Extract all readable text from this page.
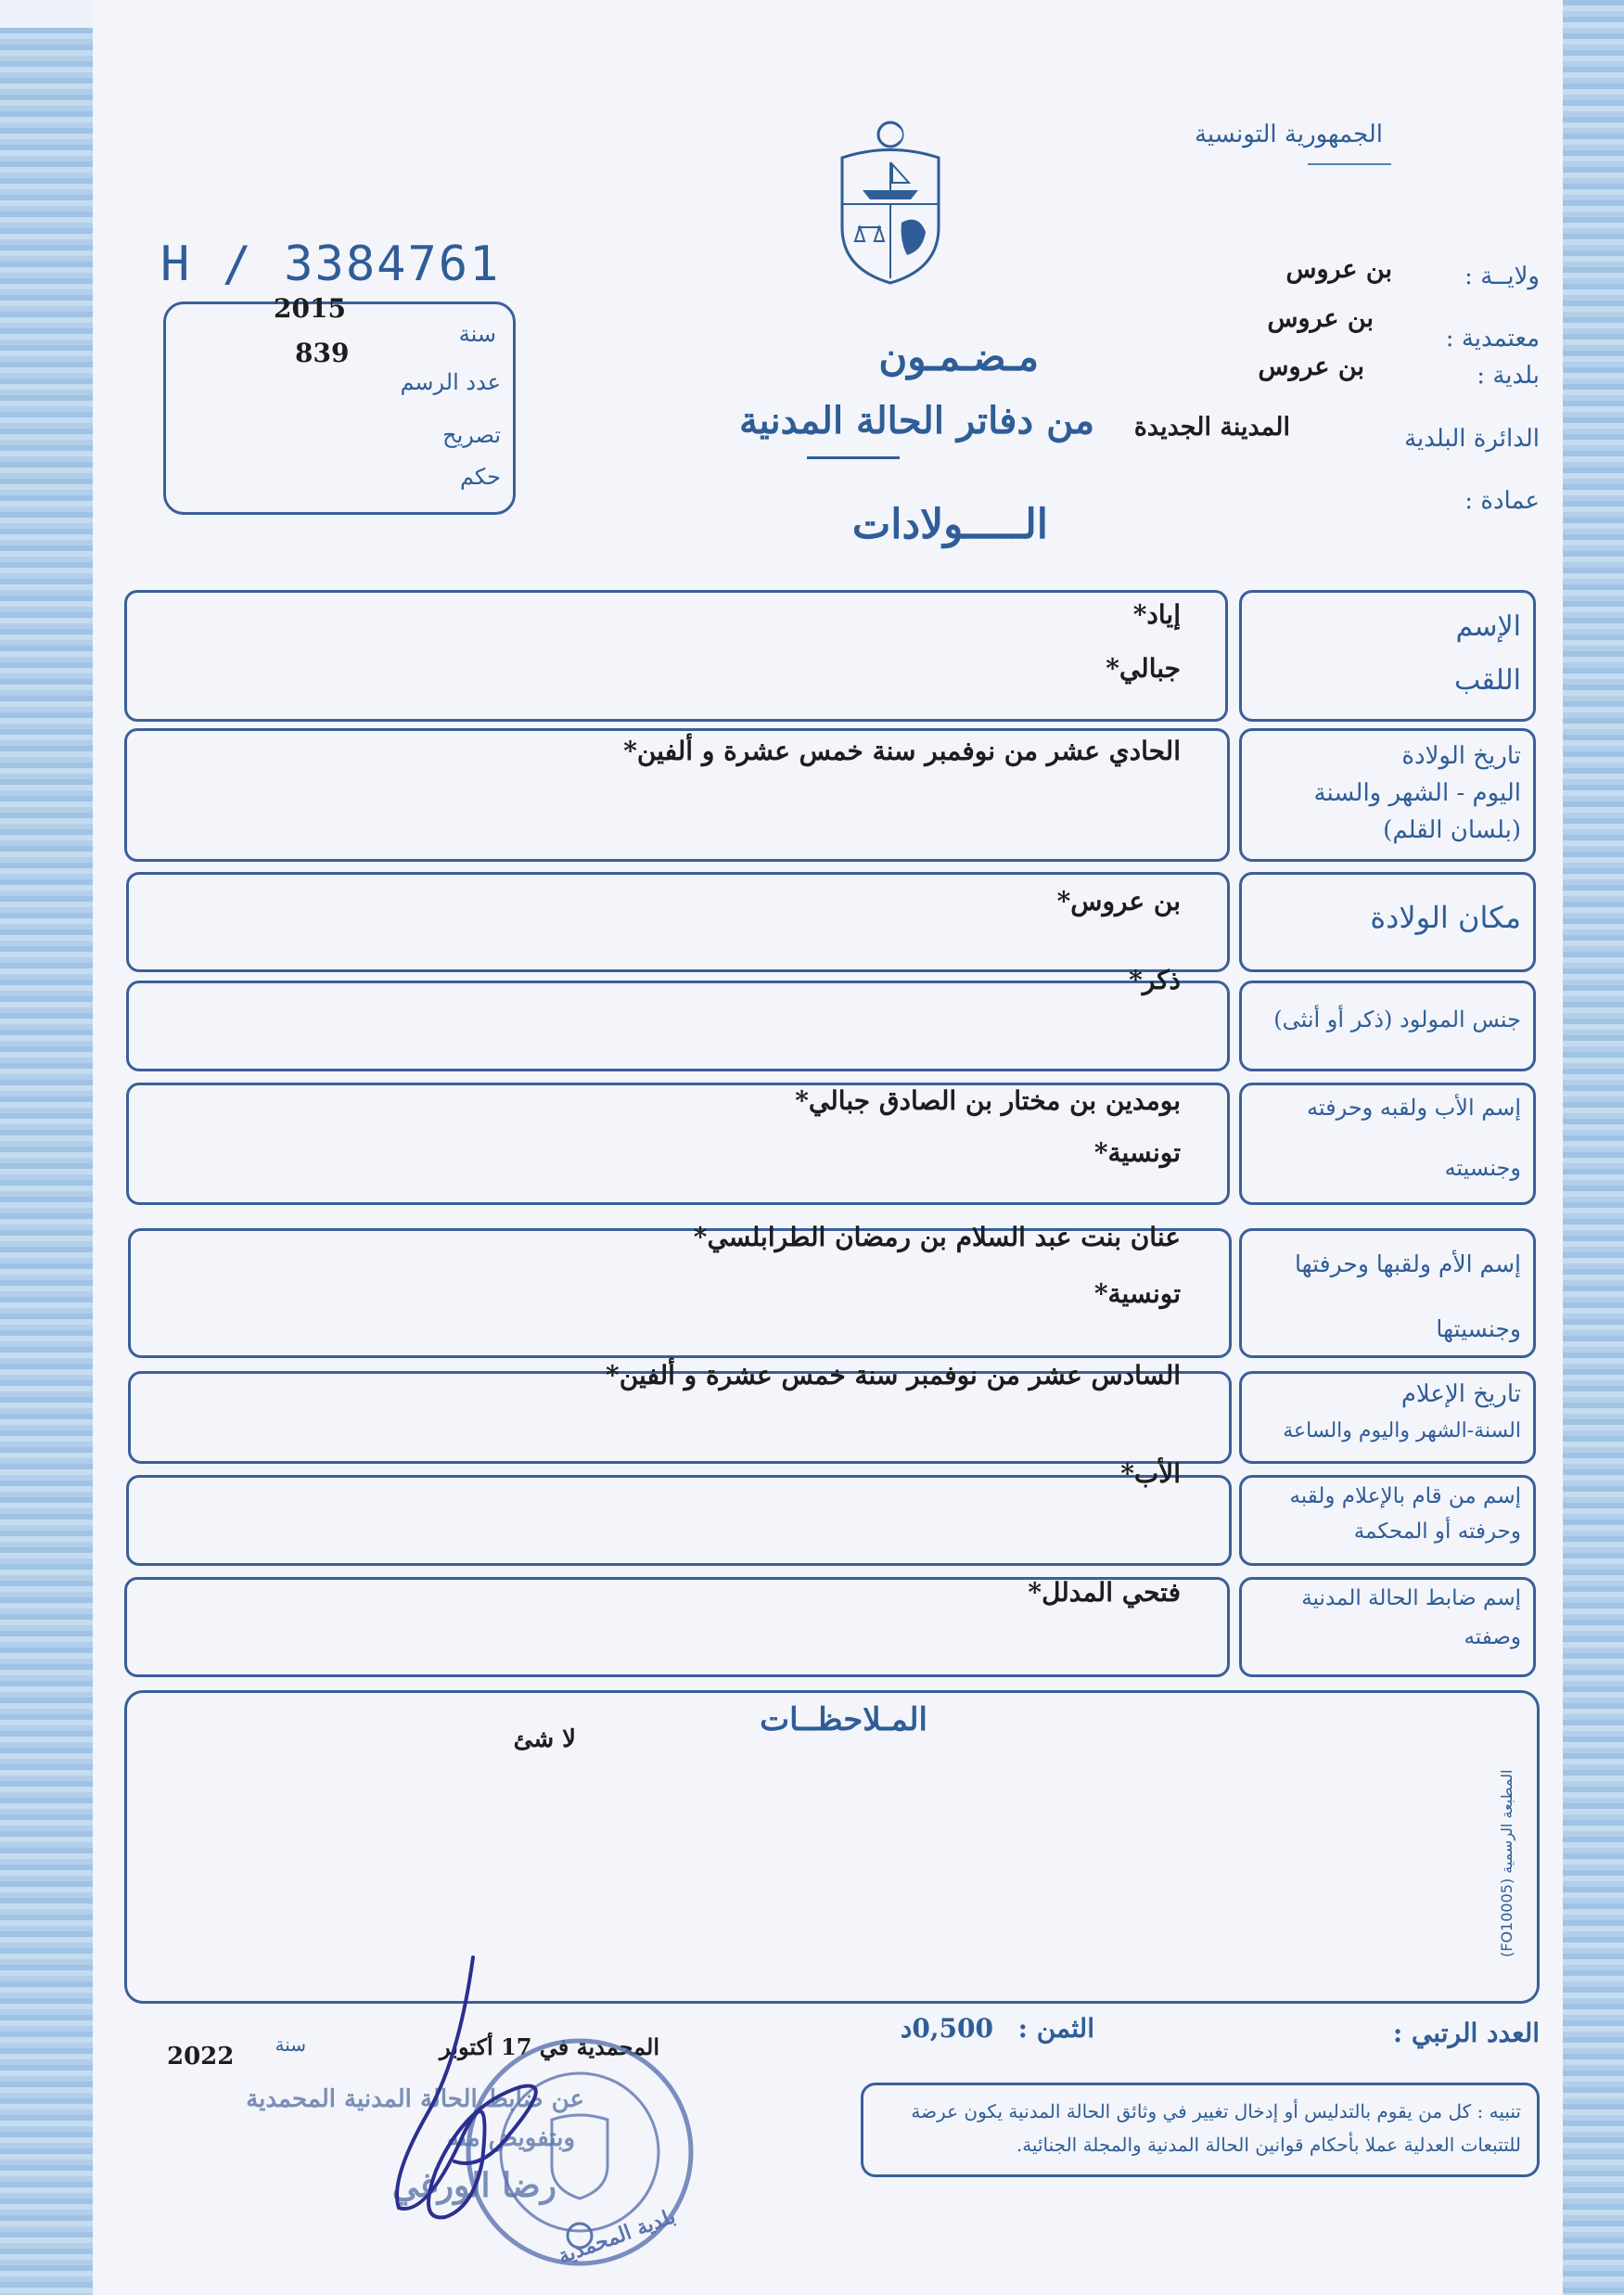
الجمهورية التونسية
H / 3384761
سنة
2015
عدد الرسم
839
تصريح
حكم
ولايــة :
بن عروس
معتمدية :
بن عروس
بلدية :
بن عروس
الدائرة البلدية
المدينة الجديدة
عمادة :
مـضـمـون
من دفاتر الحالة المدنية
الـــــولادات
الإسم
اللقب
إياد*
جبالي*
تاريخ الولادة
اليوم - الشهر والسنة
(بلسان القلم)
الحادي عشر من نوفمبر سنة خمس عشرة و ألفين*
مكان الولادة
بن عروس*
جنس المولود (ذكر أو أنثى)
ذكر*
إسم الأب ولقبه وحرفته
وجنسيته
بومدين بن مختار بن الصادق جبالي*
تونسية*
إسم الأم ولقبها وحرفتها
وجنسيتها
عنان بنت عبد السلام بن رمضان الطرابلسي*
تونسية*
تاريخ الإعلام
السنة-الشهر واليوم والساعة
السادس عشر من نوفمبر سنة خمس عشرة و ألفين*
إسم من قام بالإعلام ولقبه
وحرفته أو المحكمة
الأب*
إسم ضابط الحالة المدنية
وصفته
فتحي المدلل*
المـلاحظــات
لا شئ
المطبعة الرسمية (FO10005)
العدد الرتبي :
الثمن :
0,500د
المحمدية في 17 أكتوبر
سنة
2022
تنبيه : كل من يقوم بالتدليس أو إدخال تغيير في وثائق الحالة المدنية يكون عرضة للتتبعات العدلية عملا بأحكام قوانين الحالة المدنية والمجلة الجنائية.
عن ضابط الحالة المدنية المحمدية
وبتفويض منه
رضا الورغي
بلدية المحمدية
